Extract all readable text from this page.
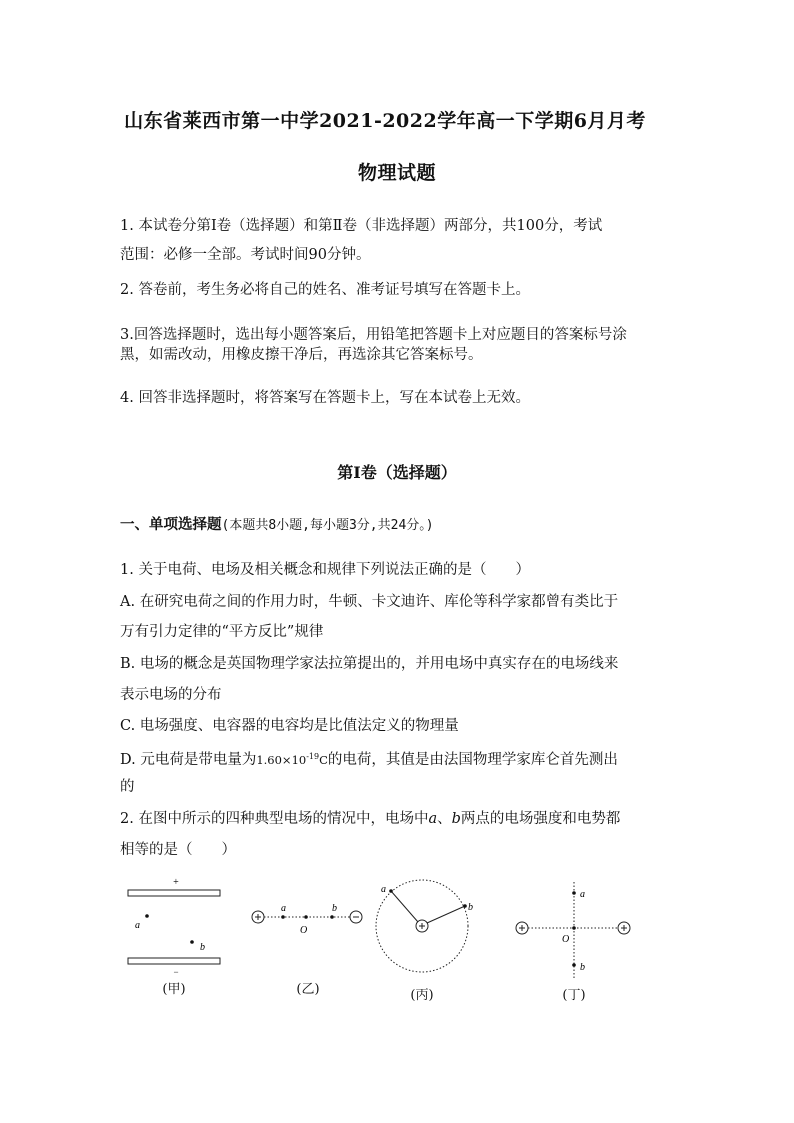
山东省莱西市第一中学2021-2022学年高一下学期6月月考
物理试题
1. 本试卷分第Ⅰ卷（选择题）和第Ⅱ卷（非选择题）两部分，共100分，考试
范围：必修一全部。考试时间90分钟。
2. 答卷前，考生务必将自己的姓名、准考证号填写在答题卡上。
3.回答选择题时，选出每小题答案后，用铅笔把答题卡上对应题目的答案标号涂
黑，如需改动，用橡皮擦干净后，再选涂其它答案标号。
4. 回答非选择题时，将答案写在答题卡上，写在本试卷上无效。
第Ⅰ卷（选择题）
一、单项选择题(本题共8小题,每小题3分,共24分。)
1. 关于电荷、电场及相关概念和规律下列说法正确的是（　　）
A. 在研究电荷之间的作用力时，牛顿、卡文迪许、库伦等科学家都曾有类比于
万有引力定律的“平方反比”规律
B. 电场的概念是英国物理学家法拉第提出的，并用电场中真实存在的电场线来
表示电场的分布
C. 电场强度、电容器的电容均是比值法定义的物理量
D. 元电荷是带电量为$1.60\times 10^{-19}C$的电荷，其值是由法国物理学家库仑首先测出
的
2. 在图中所示的四种典型电场的情况中，电场中a、b两点的电场强度和电势都
相等的是（　　）
+
a
b
−
(甲)
a
O
b
(乙)
a
b
(丙)
a
O
b
(丁)
